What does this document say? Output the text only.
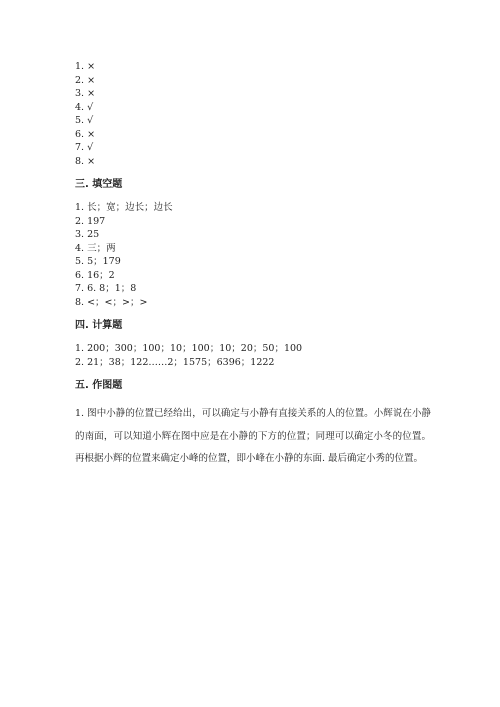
1. ×
2. ×
3. ×
4. √
5. √
6. ×
7. √
8. ×
三. 填空题
1. 长；宽；边长；边长
2. 197
3. 25
4. 三；两
5. 5；179
6. 16；2
7. 6. 8；1；8
8. <；<；>；>
四. 计算题
1. 200；300；100；10；100；10；20；50；100
2. 21；38；122……2；1575；6396；1222
五. 作图题

1. 图中小静的位置已经给出，可以确定与小静有直接关系的人的位置。小辉说在小静的南面，可以知道小辉在图中应是在小静的下方的位置；同理可以确定小冬的位置。再根据小辉的位置来确定小峰的位置，即小峰在小静的东面. 最后确定小秀的位置。
